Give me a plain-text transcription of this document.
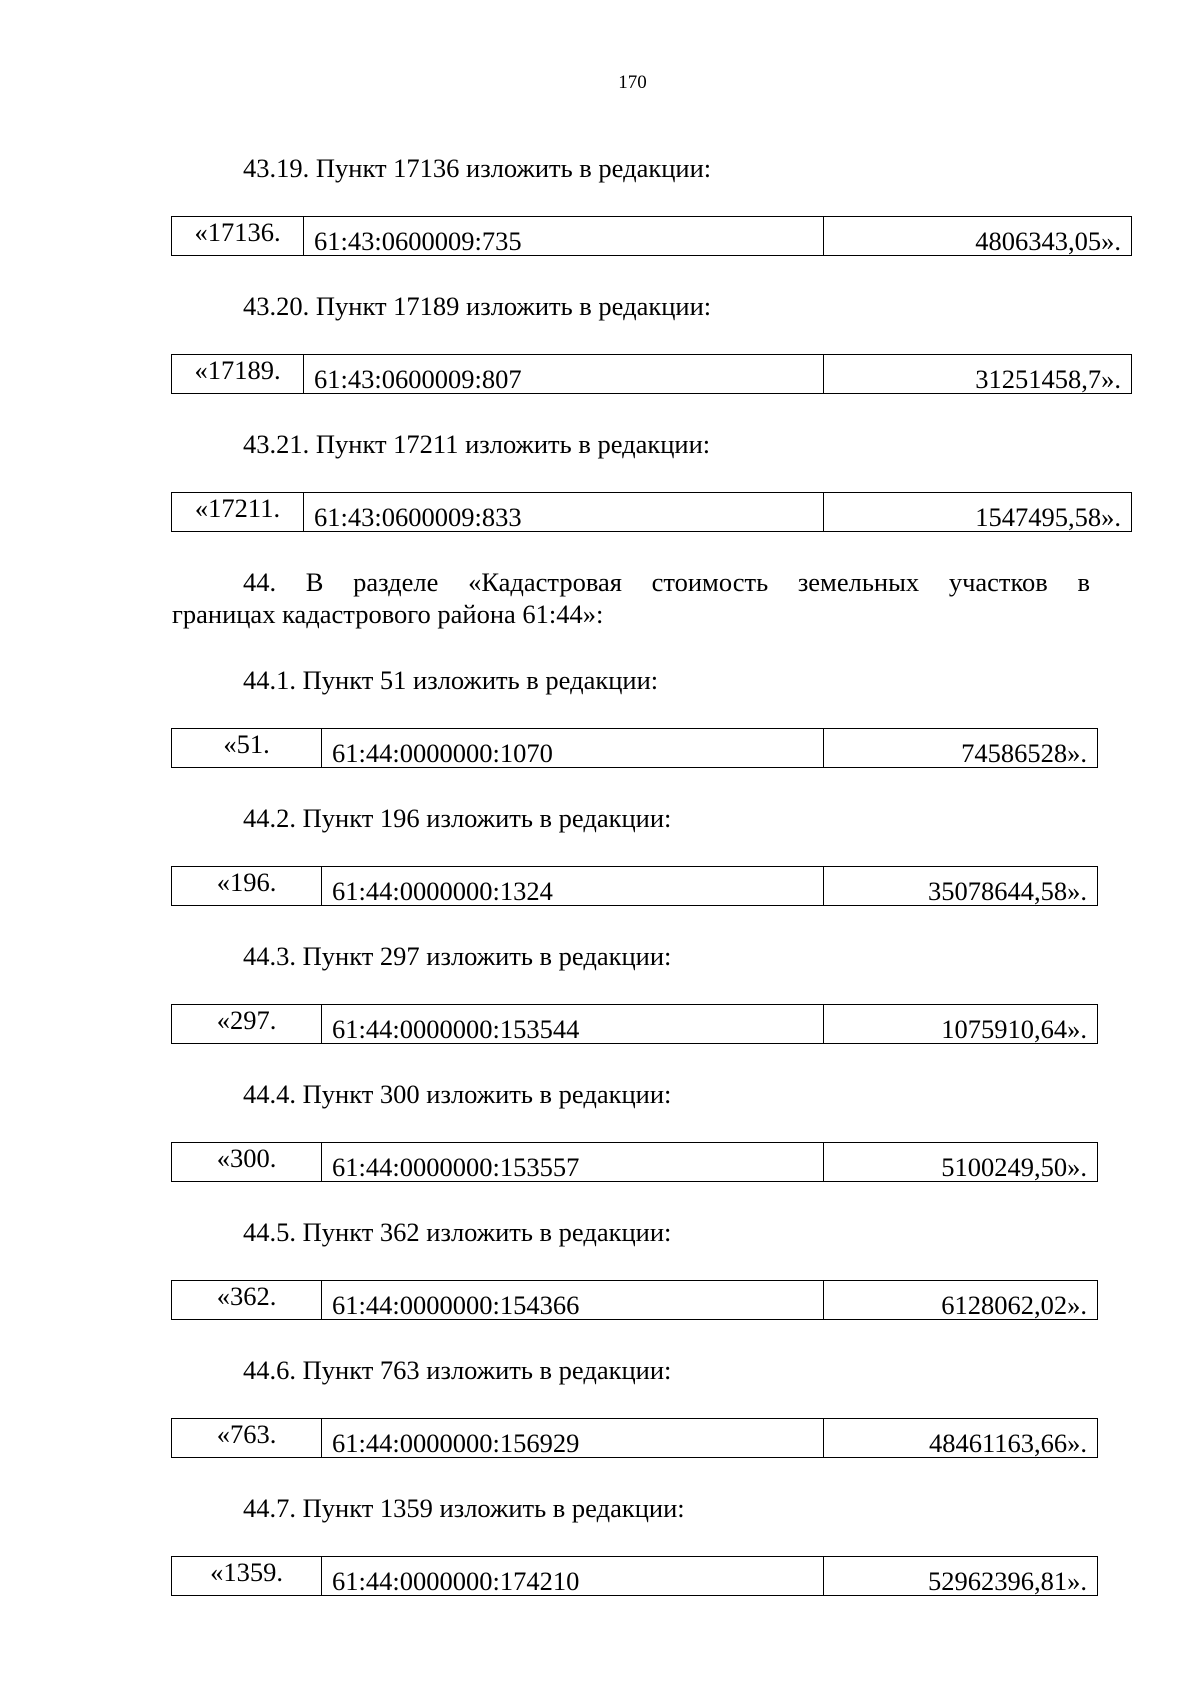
170
43.19. Пункт 17136 изложить в редакции:
«17136.	61:43:0600009:735	4806343,05».
43.20. Пункт 17189 изложить в редакции:
«17189.	61:43:0600009:807	31251458,7».
43.21. Пункт 17211 изложить в редакции:
«17211.	61:43:0600009:833	1547495,58».
44. В разделе «Кадастровая стоимость земельных участков в
границах кадастрового района 61:44»:
44.1. Пункт 51 изложить в редакции:
«51.	61:44:0000000:1070	74586528».
44.2. Пункт 196 изложить в редакции:
«196.	61:44:0000000:1324	35078644,58».
44.3. Пункт 297 изложить в редакции:
«297.	61:44:0000000:153544	1075910,64».
44.4. Пункт 300 изложить в редакции:
«300.	61:44:0000000:153557	5100249,50».
44.5. Пункт 362 изложить в редакции:
«362.	61:44:0000000:154366	6128062,02».
44.6. Пункт 763 изложить в редакции:
«763.	61:44:0000000:156929	48461163,66».
44.7. Пункт 1359 изложить в редакции:
«1359.	61:44:0000000:174210	52962396,81».
